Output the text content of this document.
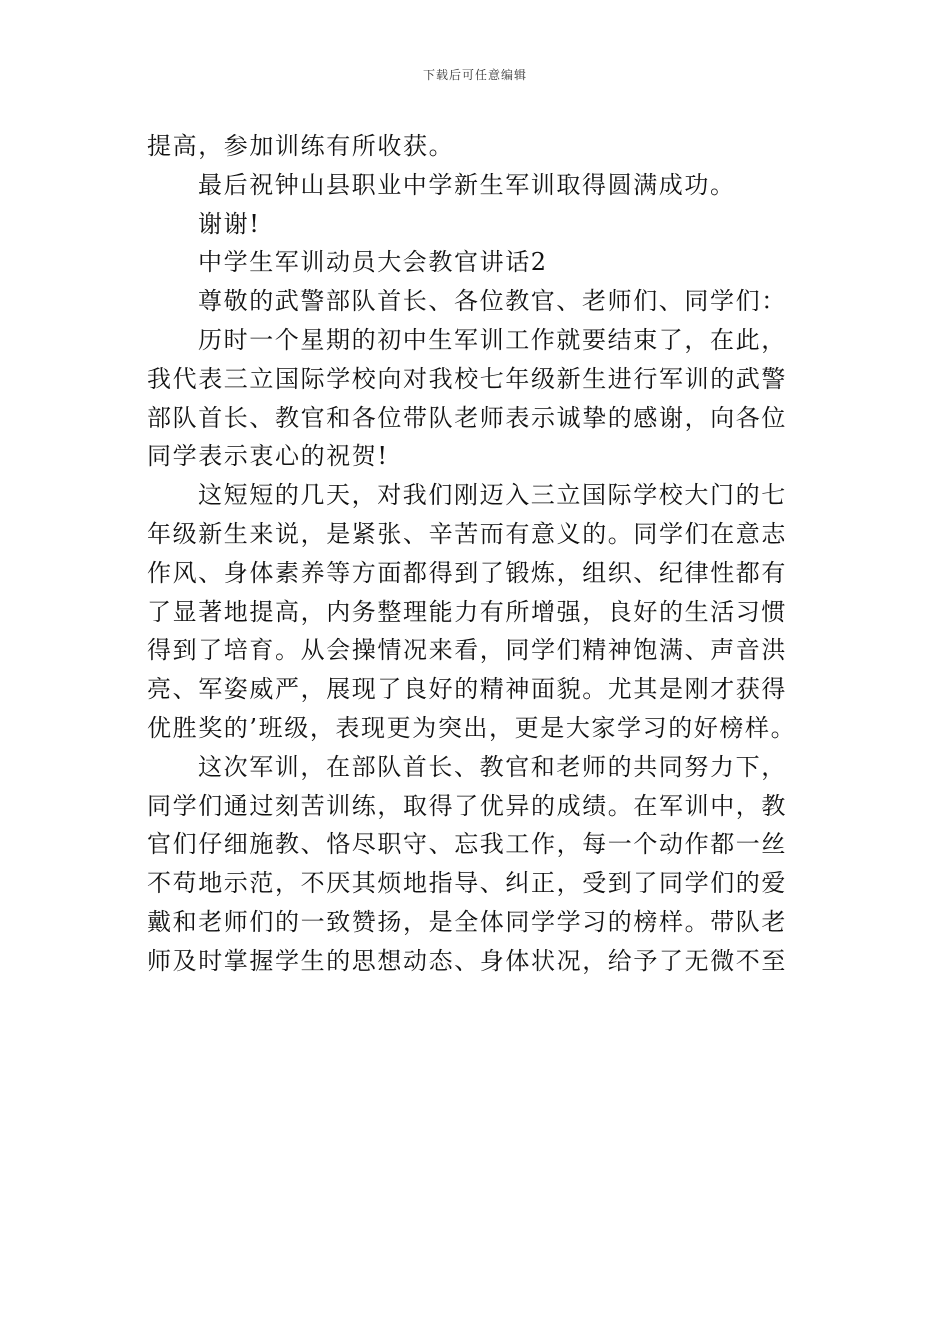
下载后可任意编辑

提高，参加训练有所收获。

最后祝钟山县职业中学新生军训取得圆满成功。

谢谢!

中学生军训动员大会教官讲话2

尊敬的武警部队首长、各位教官、老师们、同学们：

历时一个星期的初中生军训工作就要结束了，在此，我代表三立国际学校向对我校七年级新生进行军训的武警部队首长、教官和各位带队老师表示诚挚的感谢，向各位同学表示衷心的祝贺!

这短短的几天，对我们刚迈入三立国际学校大门的七年级新生来说，是紧张、辛苦而有意义的。同学们在意志作风、身体素养等方面都得到了锻炼，组织、纪律性都有了显著地提高，内务整理能力有所增强，良好的生活习惯得到了培育。从会操情况来看，同学们精神饱满、声音洪亮、军姿威严，展现了良好的精神面貌。尤其是刚才获得优胜奖的’班级，表现更为突出，更是大家学习的好榜样。

这次军训，在部队首长、教官和老师的共同努力下，同学们通过刻苦训练，取得了优异的成绩。在军训中，教官们仔细施教、恪尽职守、忘我工作，每一个动作都一丝不苟地示范，不厌其烦地指导、纠正，受到了同学们的爱戴和老师们的一致赞扬，是全体同学学习的榜样。带队老师及时掌握学生的思想动态、身体状况，给予了无微不至
